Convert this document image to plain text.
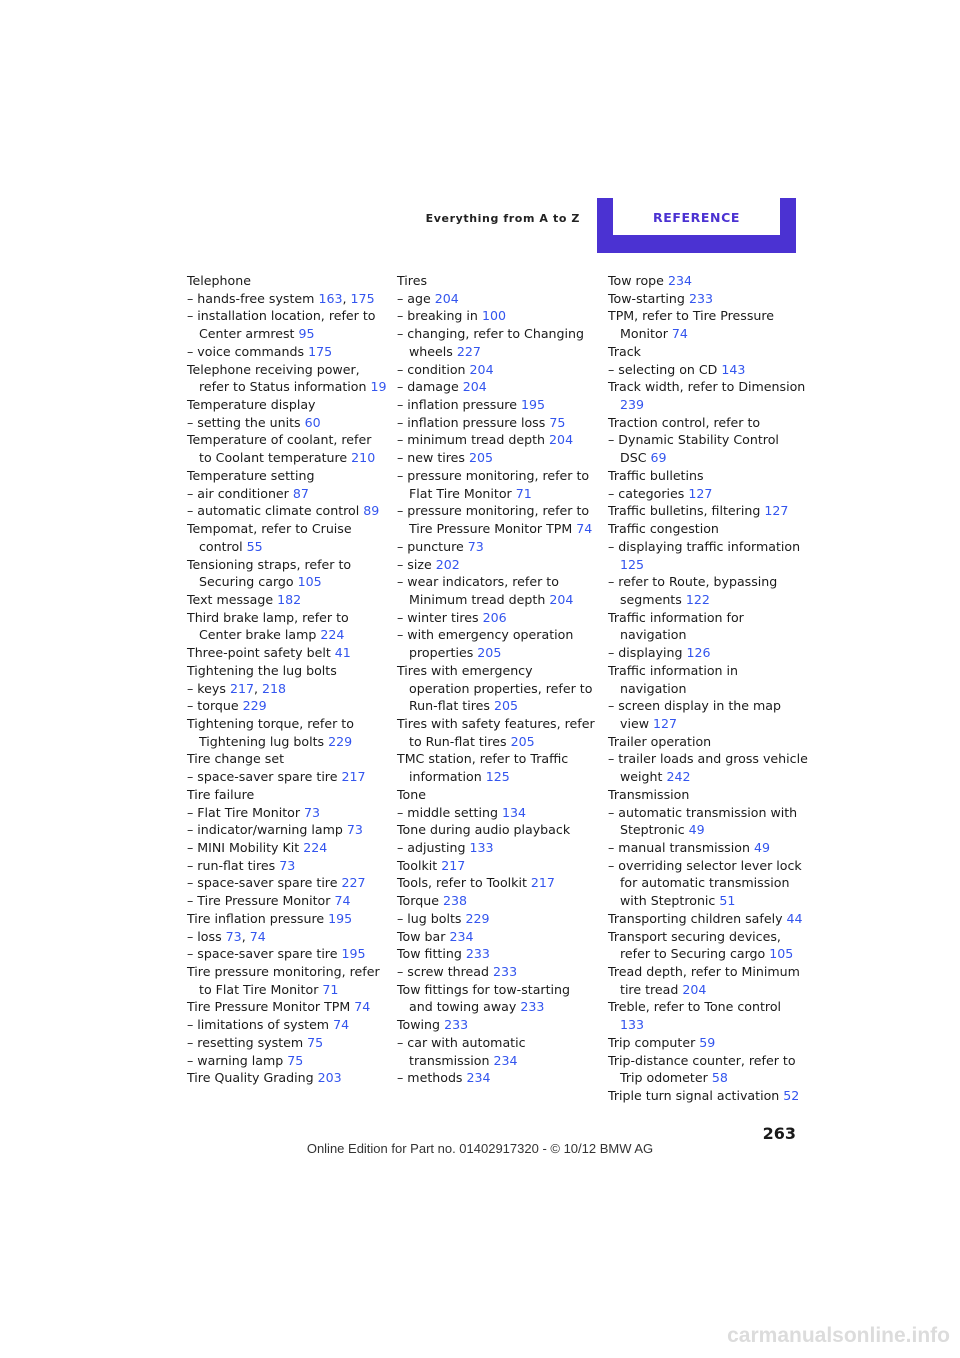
Everything from A to Z	REFERENCE
Telephone
– hands-free system 163, 175
– installation location, refer to Center armrest 95
– voice commands 175
Telephone receiving power, refer to Status information 19
Temperature display
– setting the units 60
Temperature of coolant, refer to Coolant temperature 210
Temperature setting
– air conditioner 87
– automatic climate control 89
Tempomat, refer to Cruise control 55
Tensioning straps, refer to Securing cargo 105
Text message 182
Third brake lamp, refer to Center brake lamp 224
Three-point safety belt 41
Tightening the lug bolts
– keys 217, 218
– torque 229
Tightening torque, refer to Tightening lug bolts 229
Tire change set
– space-saver spare tire 217
Tire failure
– Flat Tire Monitor 73
– indicator/warning lamp 73
– MINI Mobility Kit 224
– run-flat tires 73
– space-saver spare tire 227
– Tire Pressure Monitor 74
Tire inflation pressure 195
– loss 73, 74
– space-saver spare tire 195
Tire pressure monitoring, refer to Flat Tire Monitor 71
Tire Pressure Monitor TPM 74
– limitations of system 74
– resetting system 75
– warning lamp 75
Tire Quality Grading 203
Tires
– age 204
– breaking in 100
– changing, refer to Changing wheels 227
– condition 204
– damage 204
– inflation pressure 195
– inflation pressure loss 75
– minimum tread depth 204
– new tires 205
– pressure monitoring, refer to Flat Tire Monitor 71
– pressure monitoring, refer to Tire Pressure Monitor TPM 74
– puncture 73
– size 202
– wear indicators, refer to Minimum tread depth 204
– winter tires 206
– with emergency operation properties 205
Tires with emergency operation properties, refer to Run-flat tires 205
Tires with safety features, refer to Run-flat tires 205
TMC station, refer to Traffic information 125
Tone
– middle setting 134
Tone during audio playback
– adjusting 133
Toolkit 217
Tools, refer to Toolkit 217
Torque 238
– lug bolts 229
Tow bar 234
Tow fitting 233
– screw thread 233
Tow fittings for tow-starting and towing away 233
Towing 233
– car with automatic transmission 234
– methods 234
Tow rope 234
Tow-starting 233
TPM, refer to Tire Pressure Monitor 74
Track
– selecting on CD 143
Track width, refer to Dimension 239
Traction control, refer to
– Dynamic Stability Control DSC 69
Traffic bulletins
– categories 127
Traffic bulletins, filtering 127
Traffic congestion
– displaying traffic information 125
– refer to Route, bypassing segments 122
Traffic information for navigation
– displaying 126
Traffic information in navigation
– screen display in the map view 127
Trailer operation
– trailer loads and gross vehicle weight 242
Transmission
– automatic transmission with Steptronic 49
– manual transmission 49
– overriding selector lever lock for automatic transmission with Steptronic 51
Transporting children safely 44
Transport securing devices, refer to Securing cargo 105
Tread depth, refer to Minimum tire tread 204
Treble, refer to Tone control 133
Trip computer 59
Trip-distance counter, refer to Trip odometer 58
Triple turn signal activation 52
263
Online Edition for Part no. 01402917320 - © 10/12 BMW AG
carmanualsonline.info
